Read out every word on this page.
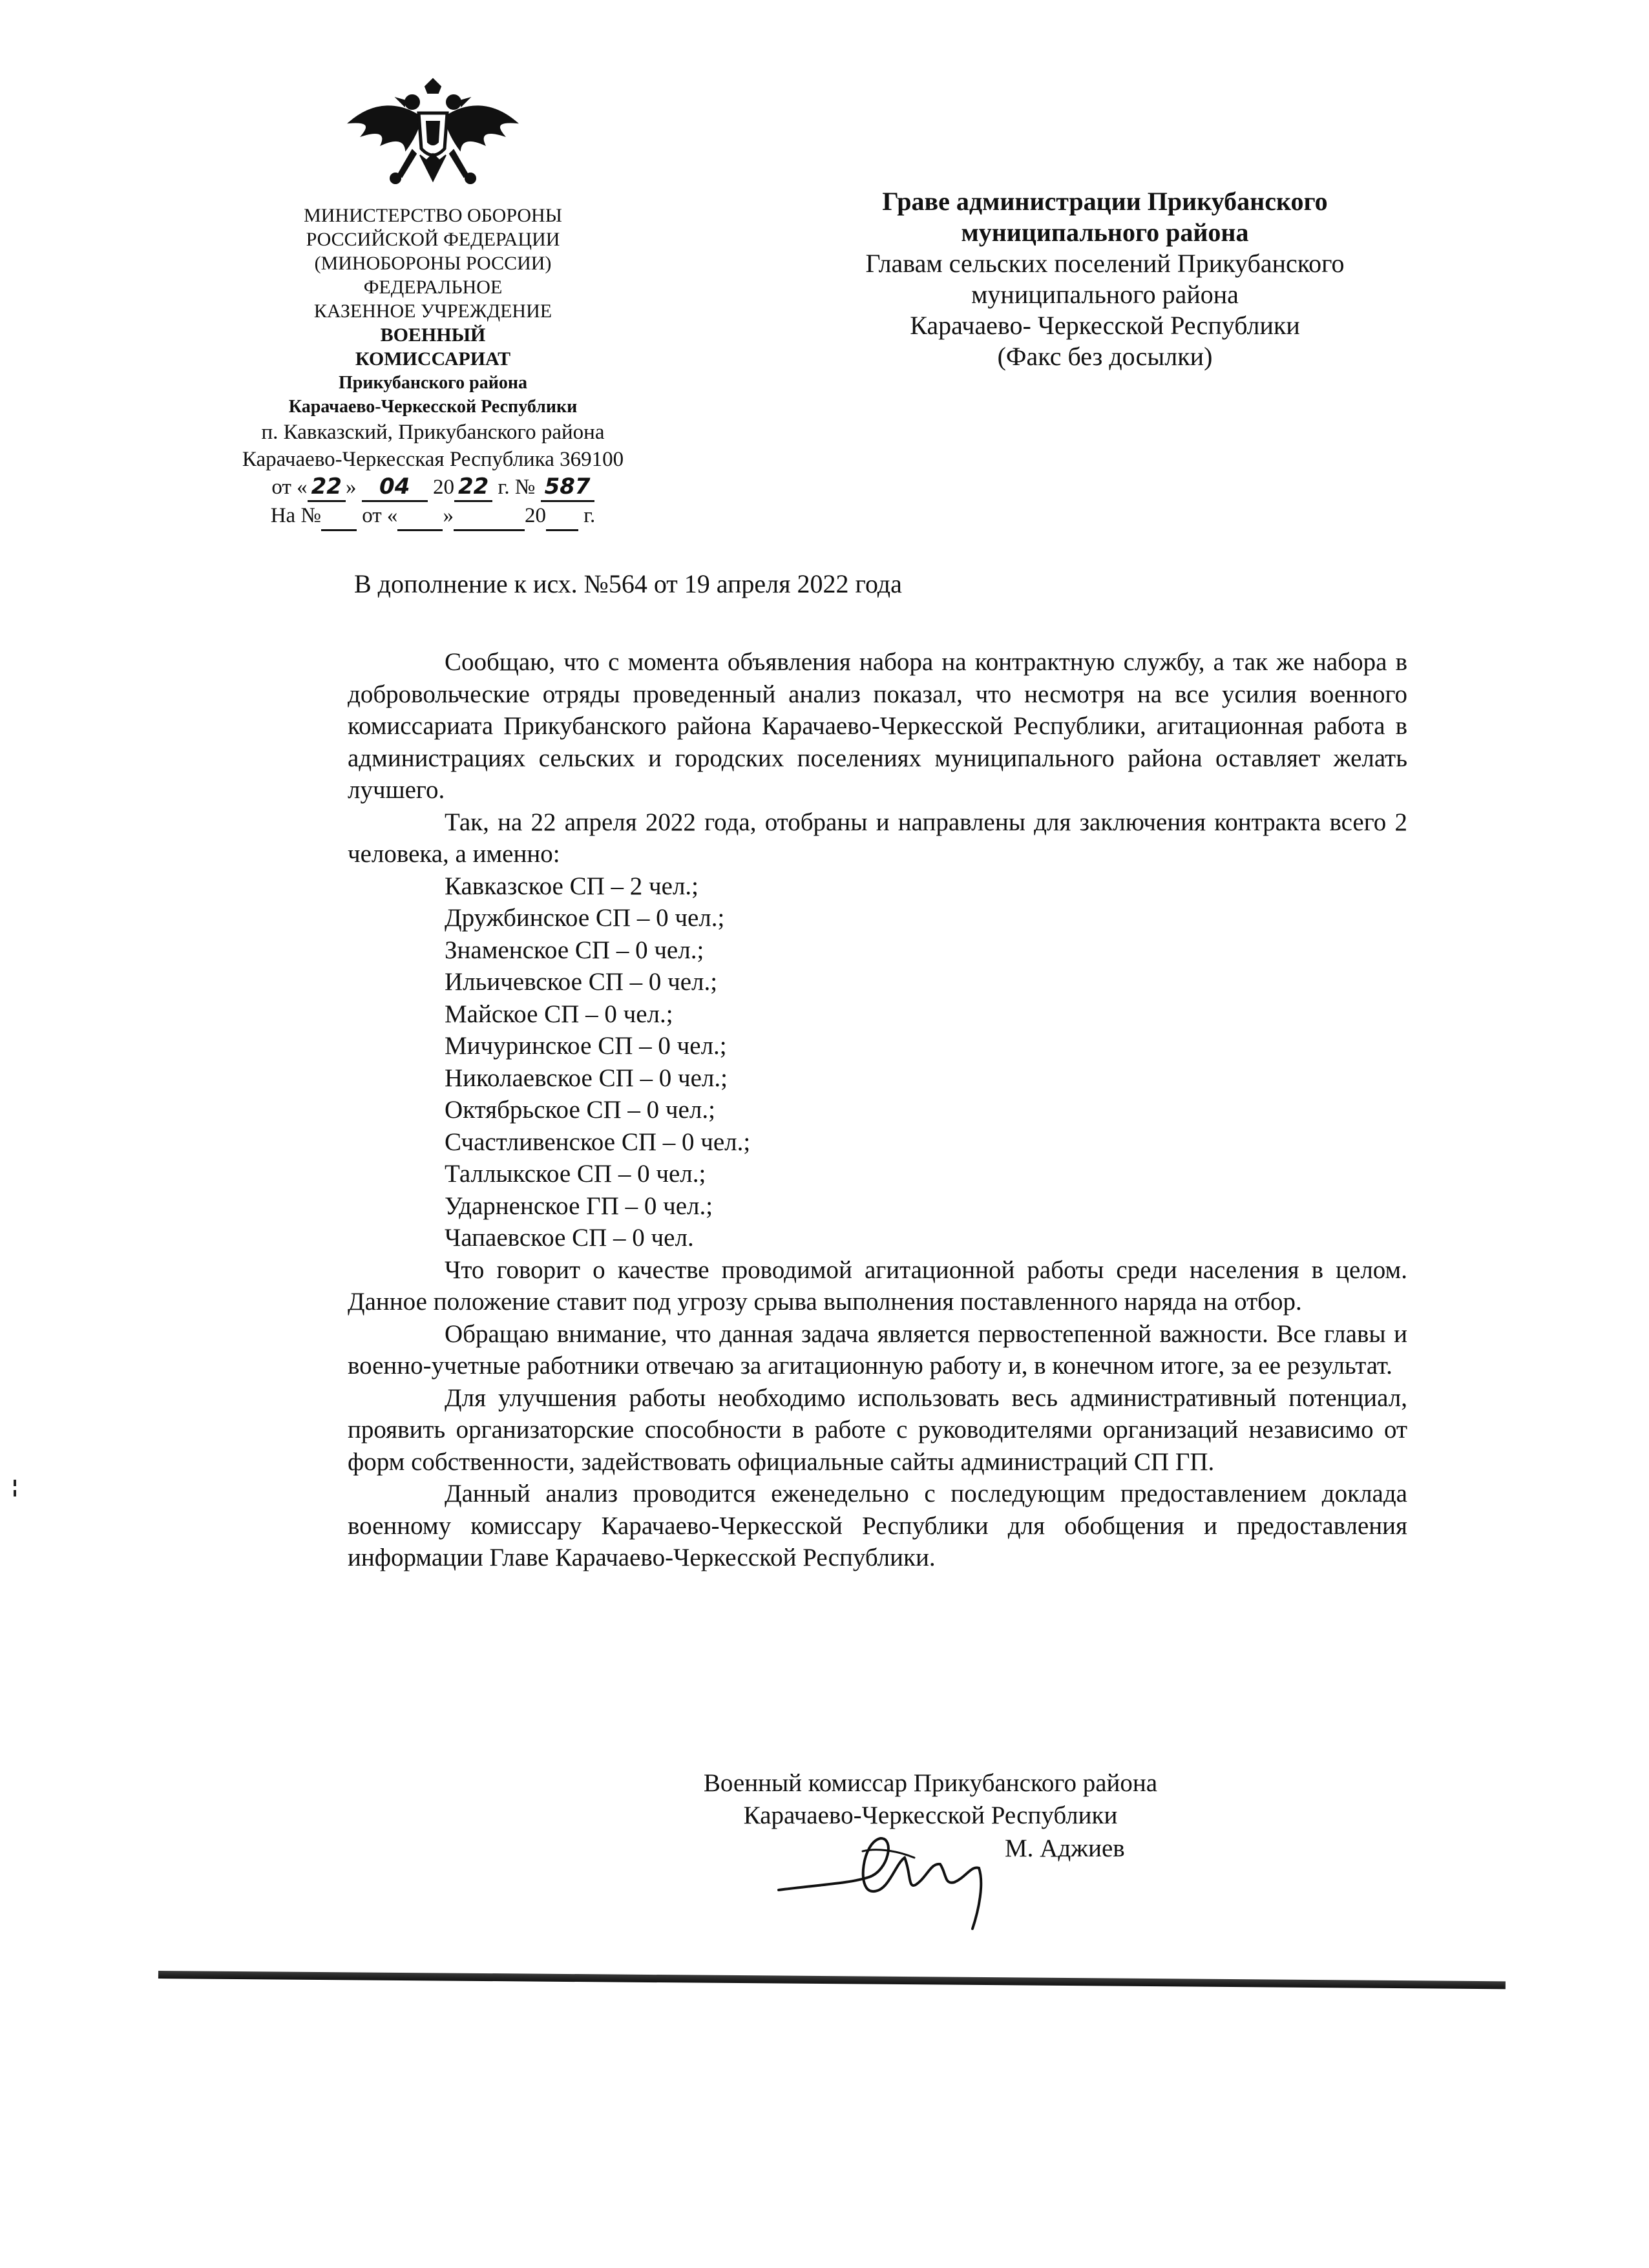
МИНИСТЕРСТВО ОБОРОНЫ
РОССИЙСКОЙ ФЕДЕРАЦИИ
(МИНОБОРОНЫ РОССИИ)
ФЕДЕРАЛЬНОЕ
КАЗЕННОЕ УЧРЕЖДЕНИЕ
ВОЕННЫЙ
КОМИССАРИАТ
Прикубанского района
Карачаево-Черкесской Республики
п. Кавказский, Прикубанского района
Карачаево-Черкесская Республика 369100
от « 22 » 04 20 22 г. № 587
На № от « »	20 г.
Граве администрации Прикубанского
муниципального района
Главам сельских поселений Прикубанского
муниципального района
Карачаево- Черкесской Республики
(Факс без досылки)
В дополнение к исх. №564 от 19 апреля 2022 года

Сообщаю, что с момента объявления набора на контрактную службу, а так же набора в добровольческие отряды проведенный анализ показал, что несмотря на все усилия военного комиссариата Прикубанского района Карачаево-Черкесской Республики, агитационная работа в администрациях сельских и городских поселениях муниципального района оставляет желать лучшего.

Так, на 22 апреля 2022 года, отобраны и направлены для заключения контракта всего 2 человека, а именно:

Кавказское СП – 2 чел.;
Дружбинское СП – 0 чел.;
Знаменское СП – 0 чел.;
Ильичевское СП – 0 чел.;
Майское СП – 0 чел.;
Мичуринское СП – 0 чел.;
Николаевское СП – 0 чел.;
Октябрьское СП – 0 чел.;
Счастливенское СП – 0 чел.;
Таллыкское СП – 0 чел.;
Ударненское ГП – 0 чел.;
Чапаевское СП – 0 чел.

Что говорит о качестве проводимой агитационной работы среди населения в целом. Данное положение ставит под угрозу срыва выполнения поставленного наряда на отбор.

Обращаю внимание, что данная задача является первостепенной важности. Все главы и военно-учетные работники отвечаю за агитационную работу и, в конечном итоге, за ее результат.

Для улучшения работы необходимо использовать весь административный потенциал, проявить организаторские способности в работе с руководителями организаций независимо от форм собственности, задействовать официальные сайты администраций СП ГП.

Данный анализ проводится еженедельно с последующим предоставлением доклада военному комиссару Карачаево-Черкесской Республики для обобщения и предоставления информации Главе Карачаево-Черкесской Республики.

Военный комиссар Прикубанского района
Карачаево-Черкесской Республики
М. Аджиев
